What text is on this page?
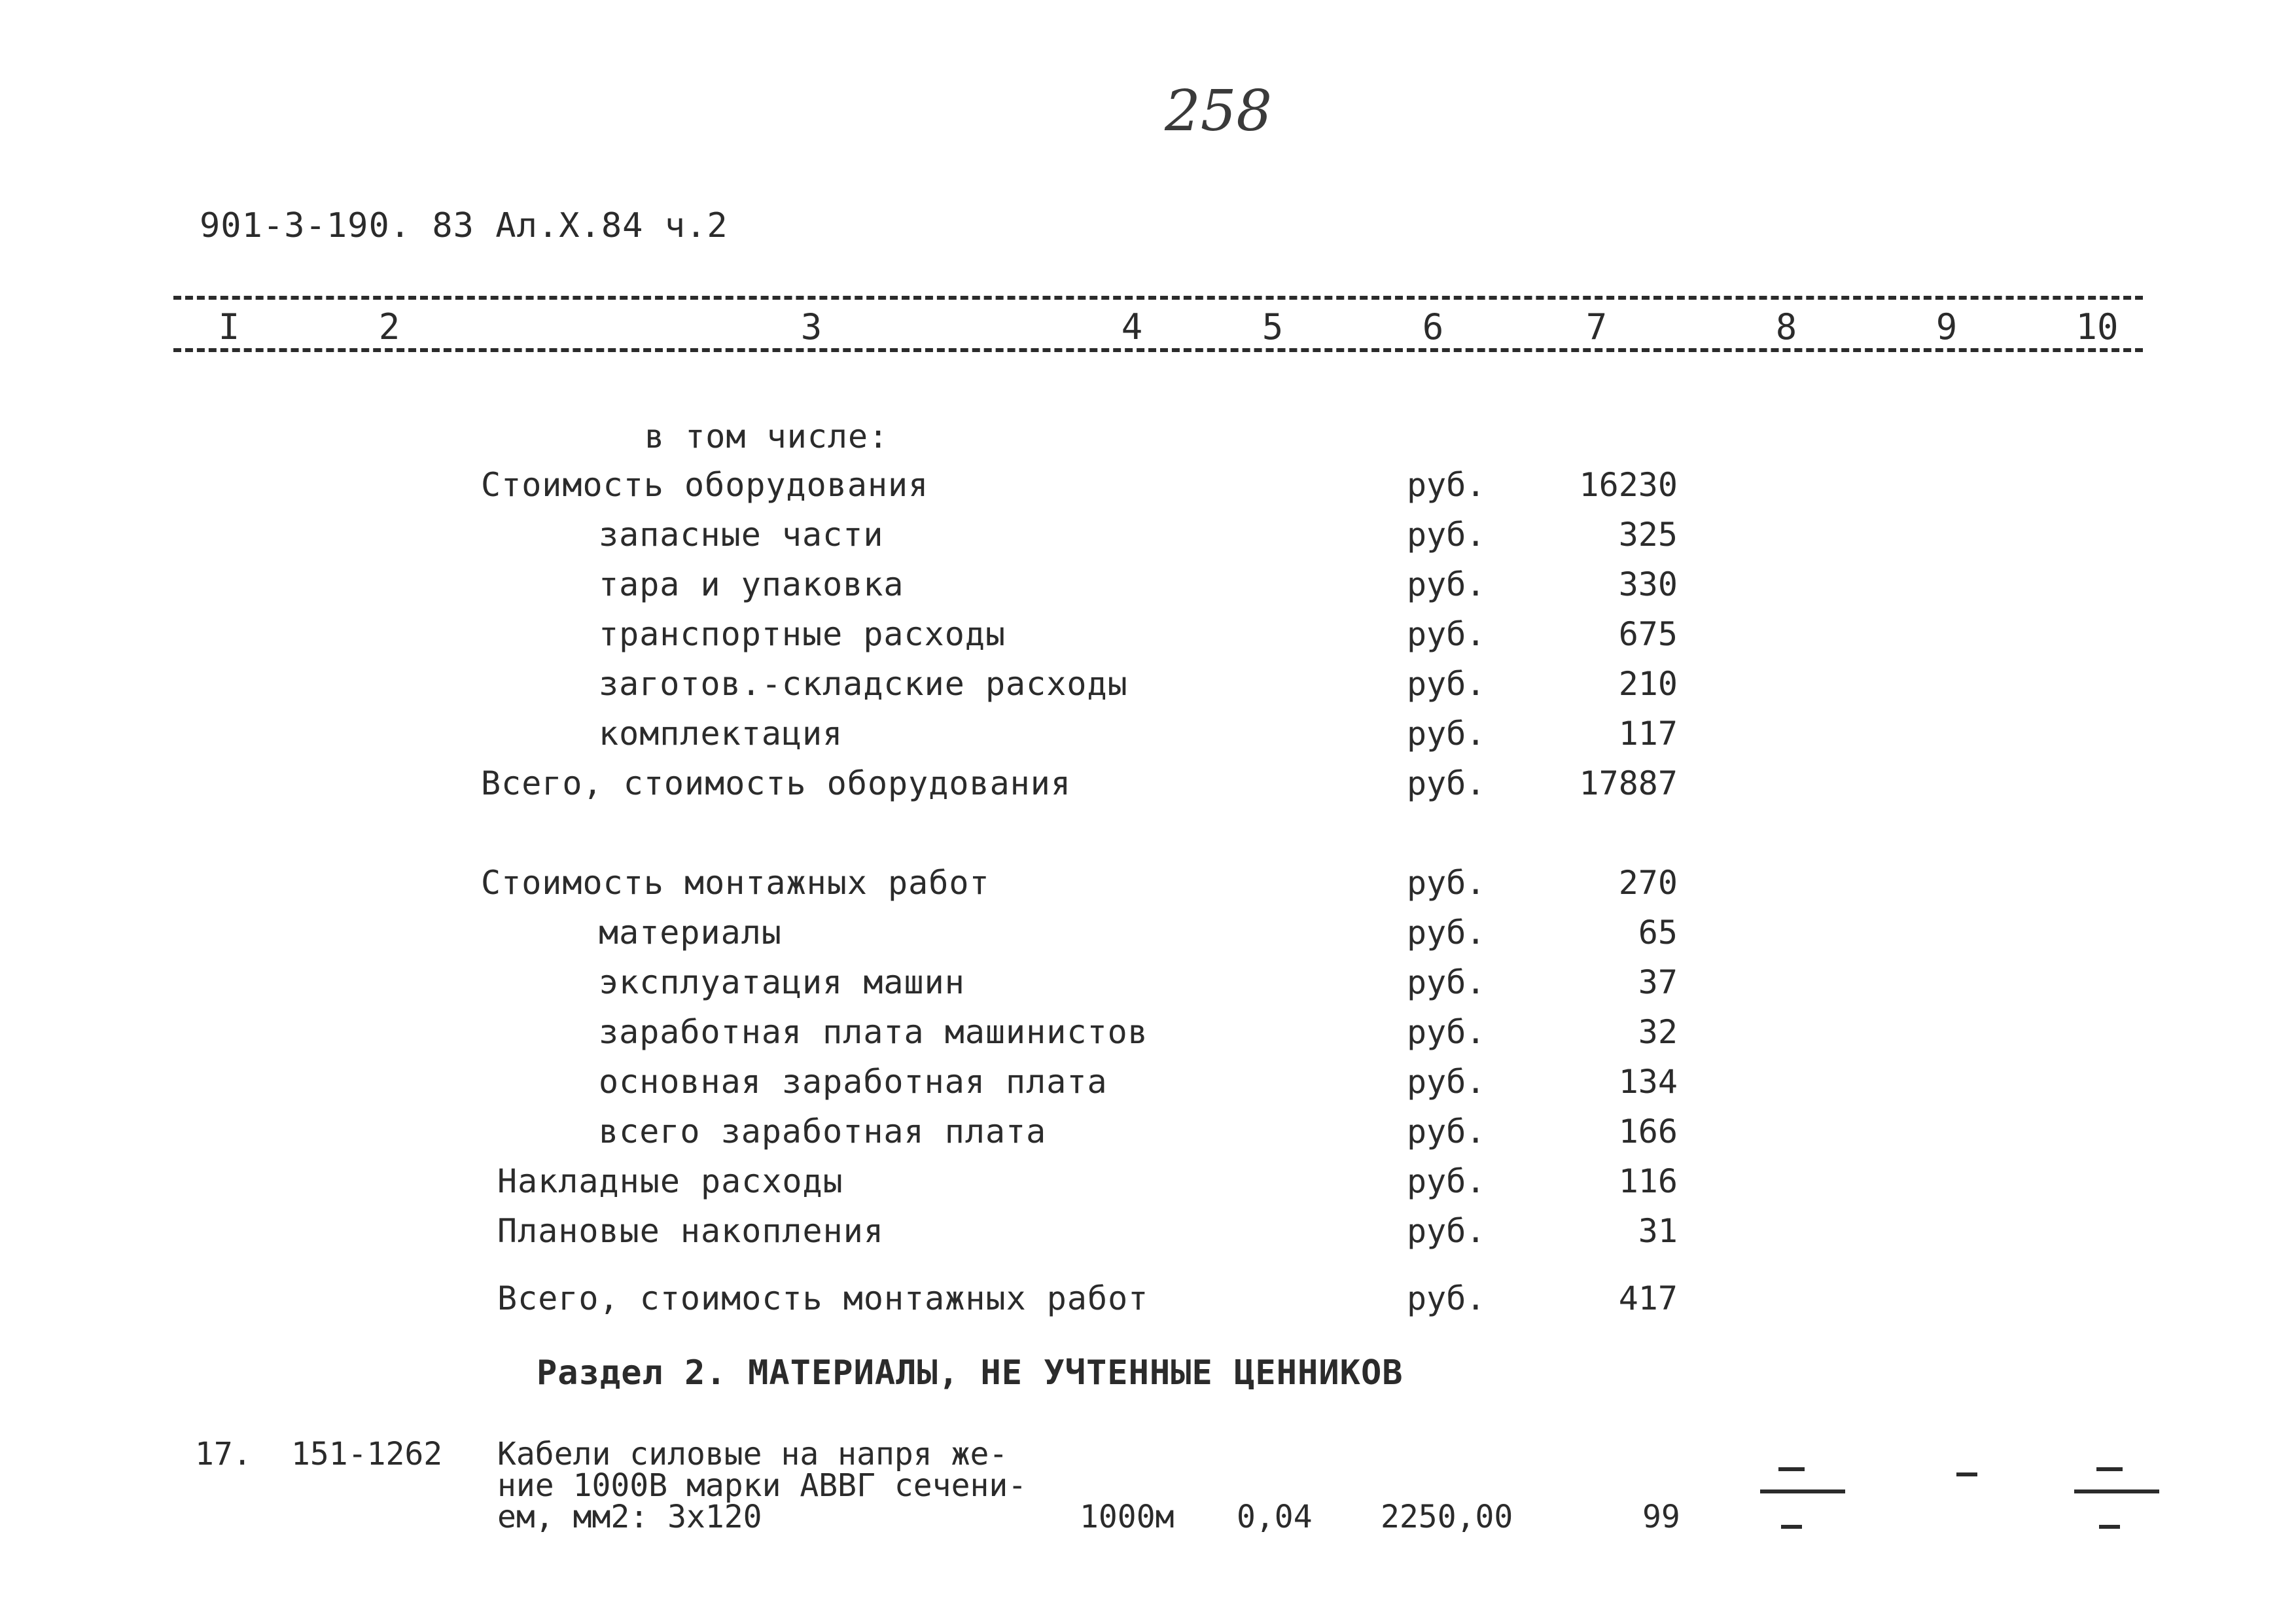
258
901-3-190. 83 Ал.X.84 ч.2
I	2	3	4	5	6	7	8	9	10
в том числе:
Стоимость оборудования	руб.	16230
запасные части	руб.	325
тара и упаковка	руб.	330
транспортные расходы	руб.	675
заготов.-складские расходы	руб.	210
комплектация	руб.	117
Всего, стоимость оборудования	руб.	17887
Стоимость монтажных работ	руб.	270
материалы	руб.	65
эксплуатация машин	руб.	37
заработная плата машинистов	руб.	32
основная заработная плата	руб.	134
всего заработная плата	руб.	166
Накладные расходы	руб.	116
Плановые накопления	руб.	31
Всего, стоимость монтажных работ	руб.	417
Раздел 2. МАТЕРИАЛЫ, НЕ УЧТЕННЫЕ ЦЕННИКОВ
17. 151-1262 Кабели силовые на напря же-
ние 1000В марки АВВГ сечени-
ем, мм2: 3х120	1000м 0,04 2250,00	99
